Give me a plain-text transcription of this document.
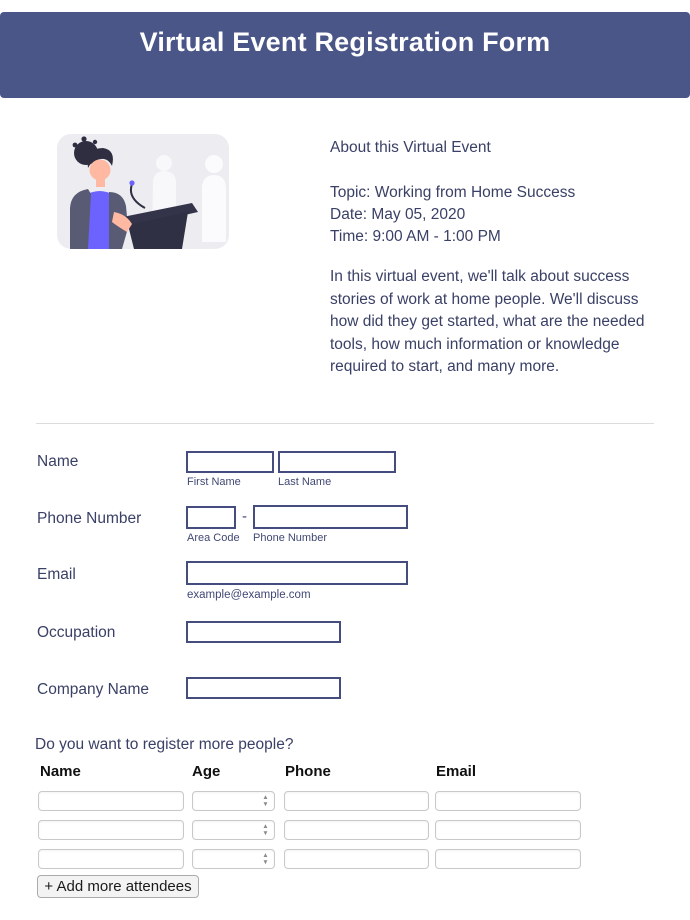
Virtual Event Registration Form
About this Virtual Event
Topic: Working from Home Success
Date: May 05, 2020
Time: 9:00 AM - 1:00 PM
In this virtual event, we'll talk about success stories of work at home people. We'll discuss how did they get started, what are the needed tools, how much information or knowledge required to start, and many more.
Name
First Name	Last Name
Phone Number	-
Area Code Phone Number
Email
example@example.com
Occupation
Company Name
Do you want to register more people?
Name	Age	Phone	Email
▲
▼
▲
▼
▲
▼
+ Add more attendees
